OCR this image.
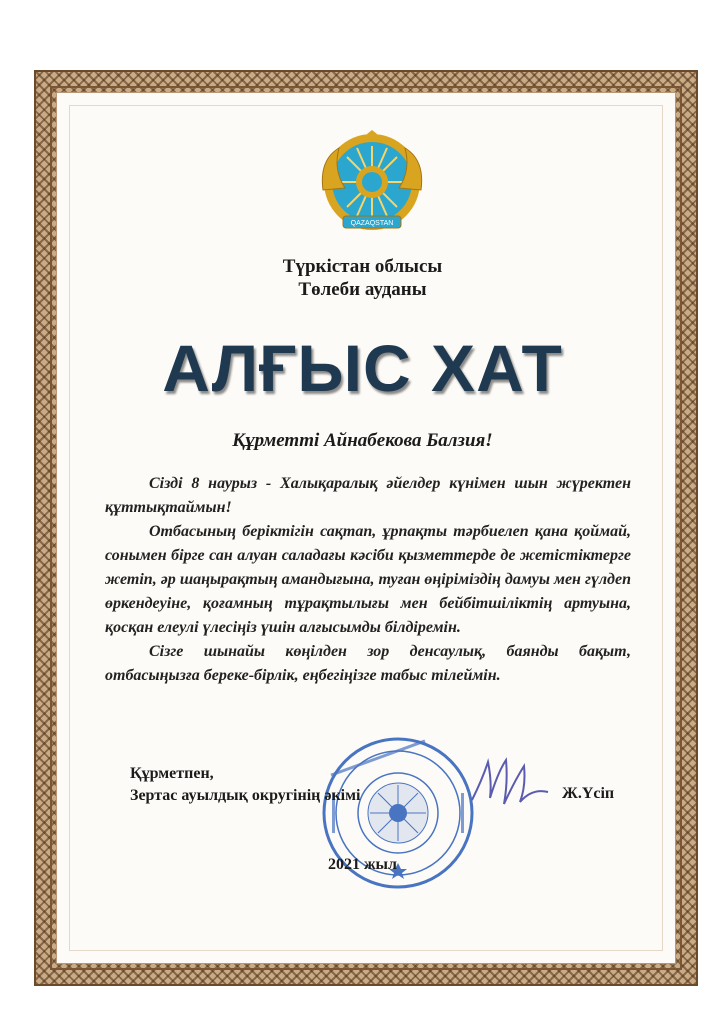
QAZAQSTAN
Түркістан облысы
Төлеби ауданы
АЛҒЫС ХАТ
Құрметті Айнабекова Балзия!

Сізді 8 наурыз - Халықаралық әйелдер күнімен шын жүректен құттықтаймын!

Отбасының беріктігін сақтап, ұрпақты тәрбиелеп қана қоймай, сонымен бірге сан алуан саладағы кәсіби қызметтерде де жетістіктерге жетіп, әр шаңырақтың амандығына, туған өңіріміздің дамуы мен гүлдеп өркендеуіне, қоғамның тұрақтылығы мен бейбітшіліктің артуына, қосқан елеулі үлесіңіз үшін алғысымды білдіремін.

Сізге шынайы көңілден зор денсаулық, баянды бақыт, отбасыңызға береке-бірлік, еңбегіңізге табыс тілеймін.

Құрметпен,
Зертас ауылдық округінің әкімі	Ж.Үсіп
2021 жыл
